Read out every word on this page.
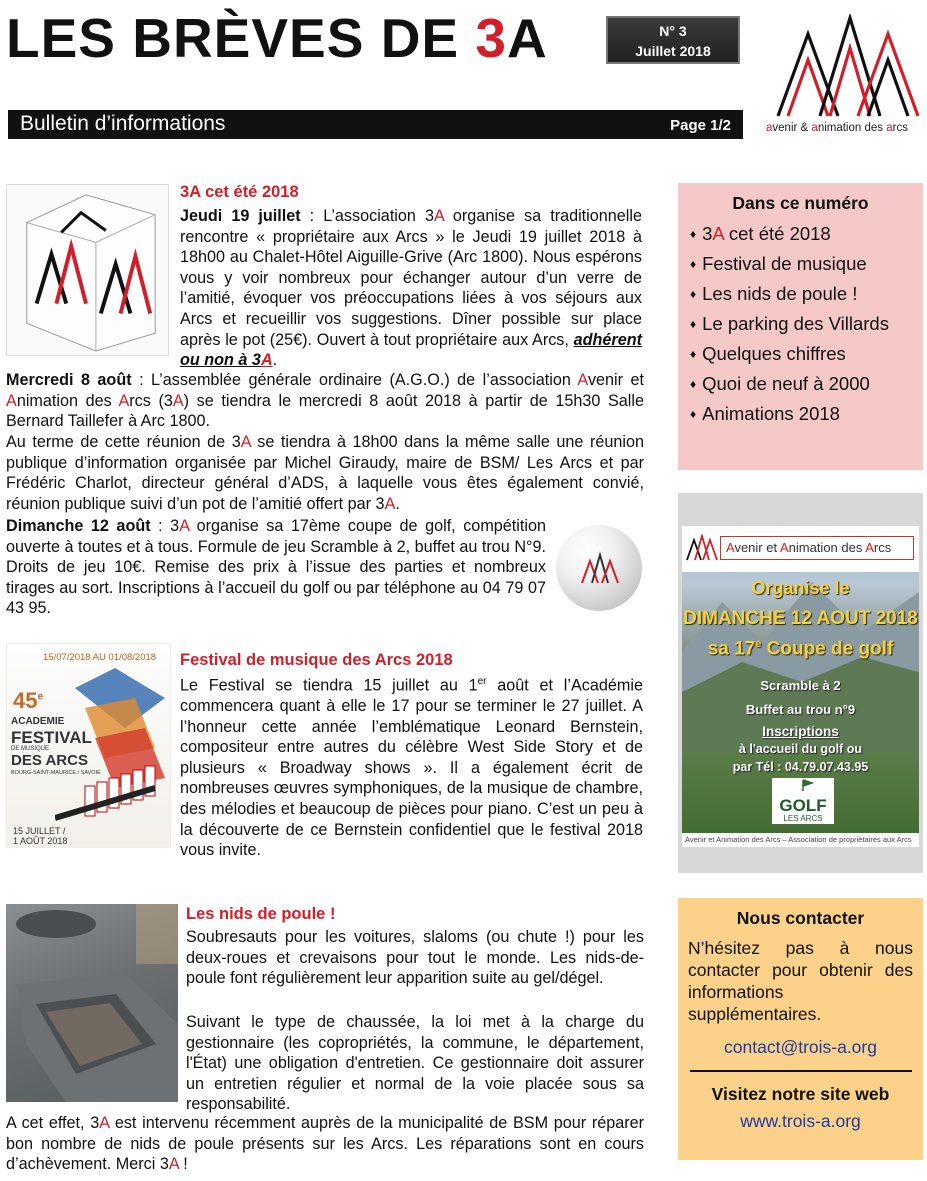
LES BRÈVES DE 3A	N° 3
Juillet 2018
avenir & animation des arcs
Bulletin d’informations	Page 1/2
3A cet été 2018
Jeudi 19 juillet : L’association 3A organise sa traditionnelle rencontre « propriétaire aux Arcs » le Jeudi 19 juillet 2018 à 18h00 au Chalet-Hôtel Aiguille-Grive (Arc 1800). Nous espérons vous y voir nombreux pour échanger autour d’un verre de l’amitié, évoquer vos préoccupations liées à vos séjours aux Arcs et recueillir vos suggestions. Dîner possible sur place après le pot (25€). Ouvert à tout propriétaire aux Arcs, adhérent ou non à 3A.
Mercredi 8 août : L’assemblée générale ordinaire (A.G.O.) de l’association Avenir et Animation des Arcs (3A) se tiendra le mercredi 8 août 2018 à partir de 15h30 Salle Bernard Taillefer à Arc 1800.
Au terme de cette réunion de 3A se tiendra à 18h00 dans la même salle une réunion publique d’information organisée par Michel Giraudy, maire de BSM/ Les Arcs et par Frédéric Charlot, directeur général d’ADS, à laquelle vous êtes également convié, réunion publique suivi d’un pot de l’amitié offert par 3A.
Dimanche 12 août : 3A organise sa 17ème coupe de golf, compétition ouverte à toutes et à tous. Formule de jeu Scramble à 2, buffet au trou N°9. Droits de jeu 10€. Remise des prix à l’issue des parties et nombreux tirages au sort. Inscriptions à l’accueil du golf ou par téléphone au 04 79 07 43 95.
15/07/2018 AU 01/08/2018
45e
ACADEMIE
FESTIVAL
DE MUSIQUE
DES ARCS
BOURG-SAINT-MAURICE / SAVOIE
15 JUILLET /
1 AOÛT 2018
Festival de musique des Arcs 2018
Le Festival se tiendra 15 juillet au 1er août et l’Académie commencera quant à elle le 17 pour se terminer le 27 juillet. A l’honneur cette année l’emblématique Leonard Bernstein, compositeur entre autres du célèbre West Side Story et de plusieurs « Broadway shows ». Il a également écrit de nombreuses œuvres symphoniques, de la musique de chambre, des mélodies et beaucoup de pièces pour piano. C’est un peu à la découverte de ce Bernstein confidentiel que le festival 2018 vous invite.
Les nids de poule !
Soubresauts pour les voitures, slaloms (ou chute !) pour les deux-roues et crevaisons pour tout le monde. Les nids-de-poule font régulièrement leur apparition suite au gel/dégel.
Suivant le type de chaussée, la loi met à la charge du gestionnaire (les copropriétés, la commune, le département, l'État) une obligation d'entretien. Ce gestionnaire doit assurer un entretien régulier et normal de la voie placée sous sa responsabilité.
A cet effet, 3A est intervenu récemment auprès de la municipalité de BSM pour réparer bon nombre de nids de poule présents sur les Arcs. Les réparations sont en cours d’achèvement. Merci 3A !
Dans ce numéro
♦ 3A cet été 2018
♦ Festival de musique
♦ Les nids de poule !
♦ Le parking des Villards
♦ Quelques chiffres
♦ Quoi de neuf à 2000
♦ Animations 2018
Organise le
DIMANCHE 12 AOUT 2018
sa 17e Coupe de golf
Scramble à 2
Buffet au trou n°9
Inscriptions
à l'accueil du golf ou
par Tél : 04.79.07.43.95
Avenir et Animation des Arcs
GOLF
LES ARCS
Avenir et Animation des Arcs – Association de propriétaires aux Arcs
Nous contacter
N’hésitez pas à nous contacter pour obtenir des informations supplémentaires.
contact@trois-a.org
Visitez notre site web
www.trois-a.org
